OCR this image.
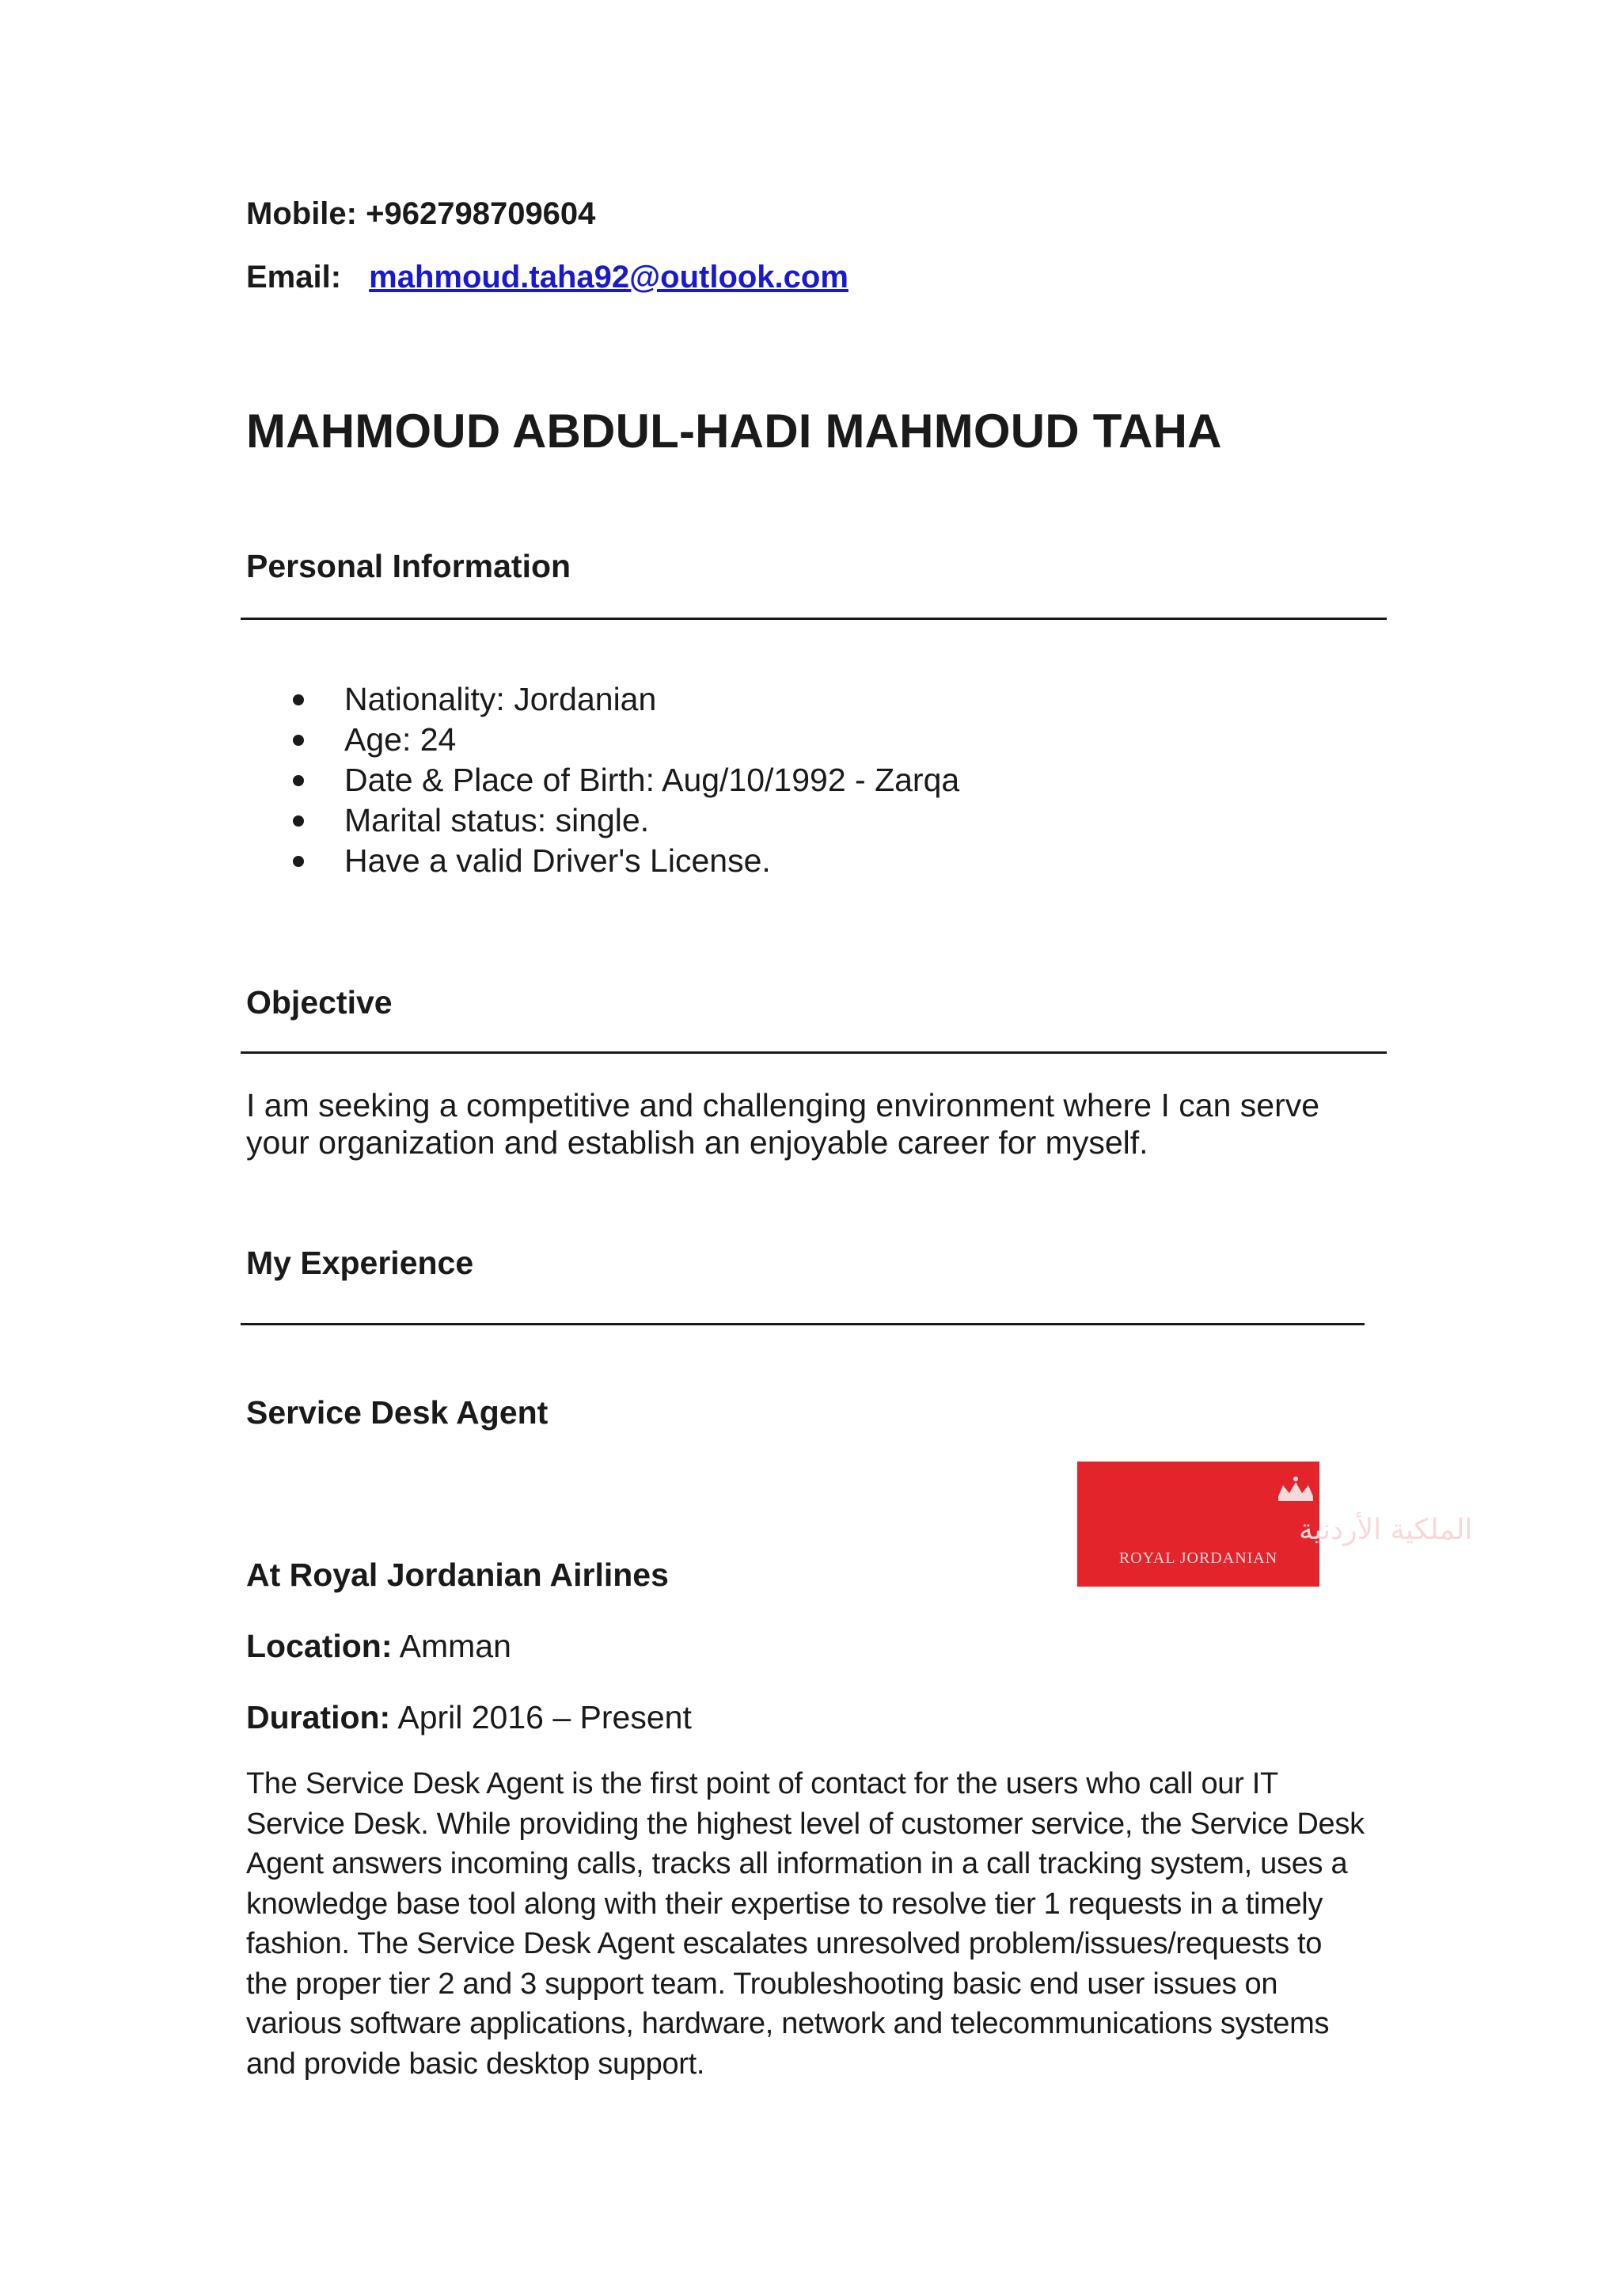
Mobile: +962798709604
Email: mahmoud.taha92@outlook.com
MAHMOUD ABDUL-HADI MAHMOUD TAHA
Personal Information
Nationality: Jordanian
Age: 24
Date & Place of Birth: Aug/10/1992 - Zarqa
Marital status: single.
Have a valid Driver's License.
Objective
I am seeking a competitive and challenging environment where I can serve your organization and establish an enjoyable career for myself.
My Experience
Service Desk Agent
الملكية الأردنية
ROYAL JORDANIAN
At Royal Jordanian Airlines
Location: Amman
Duration: April 2016 – Present
The Service Desk Agent is the first point of contact for the users who call our IT Service Desk. While providing the highest level of customer service, the Service Desk Agent answers incoming calls, tracks all information in a call tracking system, uses a knowledge base tool along with their expertise to resolve tier 1 requests in a timely fashion. The Service Desk Agent escalates unresolved problem/issues/requests to the proper tier 2 and 3 support team. Troubleshooting basic end user issues on various software applications, hardware, network and telecommunications systems and provide basic desktop support.
